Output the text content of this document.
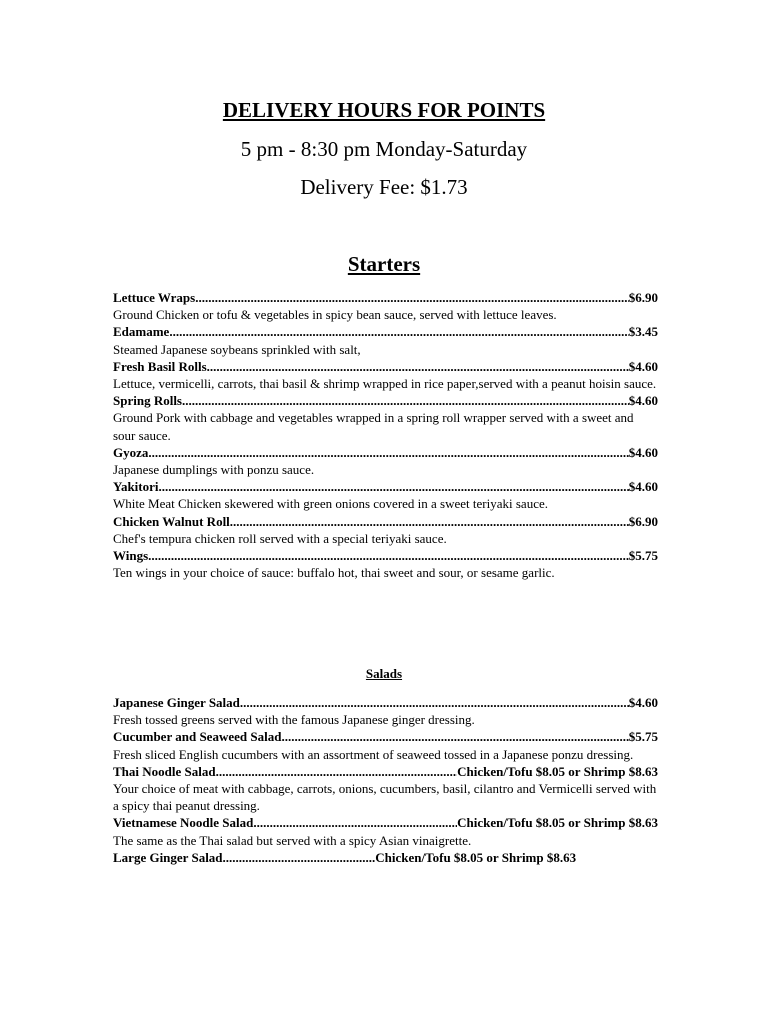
DELIVERY HOURS FOR POINTS
5 pm - 8:30 pm Monday-Saturday
Delivery Fee: $1.73
Starters
Lettuce Wraps .....	$6.90
Ground Chicken or tofu & vegetables in spicy bean sauce, served with lettuce leaves.
Edamame .....	$3.45
Steamed Japanese soybeans sprinkled with salt,
Fresh Basil Rolls .....	$4.60
Lettuce, vermicelli, carrots, thai basil & shrimp wrapped in rice paper,served with a peanut hoisin sauce.
Spring Rolls .....	$4.60
Ground Pork with cabbage and vegetables wrapped in a spring roll wrapper served with a sweet and sour sauce.
Gyoza .....	$4.60
Japanese dumplings with ponzu sauce.
Yakitori .....	$4.60
White Meat Chicken skewered with green onions covered in a sweet teriyaki sauce.
Chicken Walnut Roll .....	$6.90
Chef's tempura chicken roll served with a special teriyaki sauce.
Wings .....	$5.75
Ten wings in your choice of sauce: buffalo hot, thai sweet and sour, or sesame garlic.
Salads
Japanese Ginger Salad .....	$4.60
Fresh tossed greens served with the famous Japanese ginger dressing.
Cucumber and Seaweed Salad .....	$5.75
Fresh sliced English cucumbers with an assortment of seaweed tossed in a Japanese ponzu dressing.
Thai Noodle Salad .....	Chicken/Tofu $8.05 or Shrimp $8.63
Your choice of meat with cabbage, carrots, onions, cucumbers, basil, cilantro and Vermicelli served with a spicy thai peanut dressing.
Vietnamese Noodle Salad .....	Chicken/Tofu $8.05 or Shrimp $8.63
The same as the Thai salad but served with a spicy Asian vinaigrette.
Large Ginger Salad...............................................Chicken/Tofu $8.05 or Shrimp $8.63
